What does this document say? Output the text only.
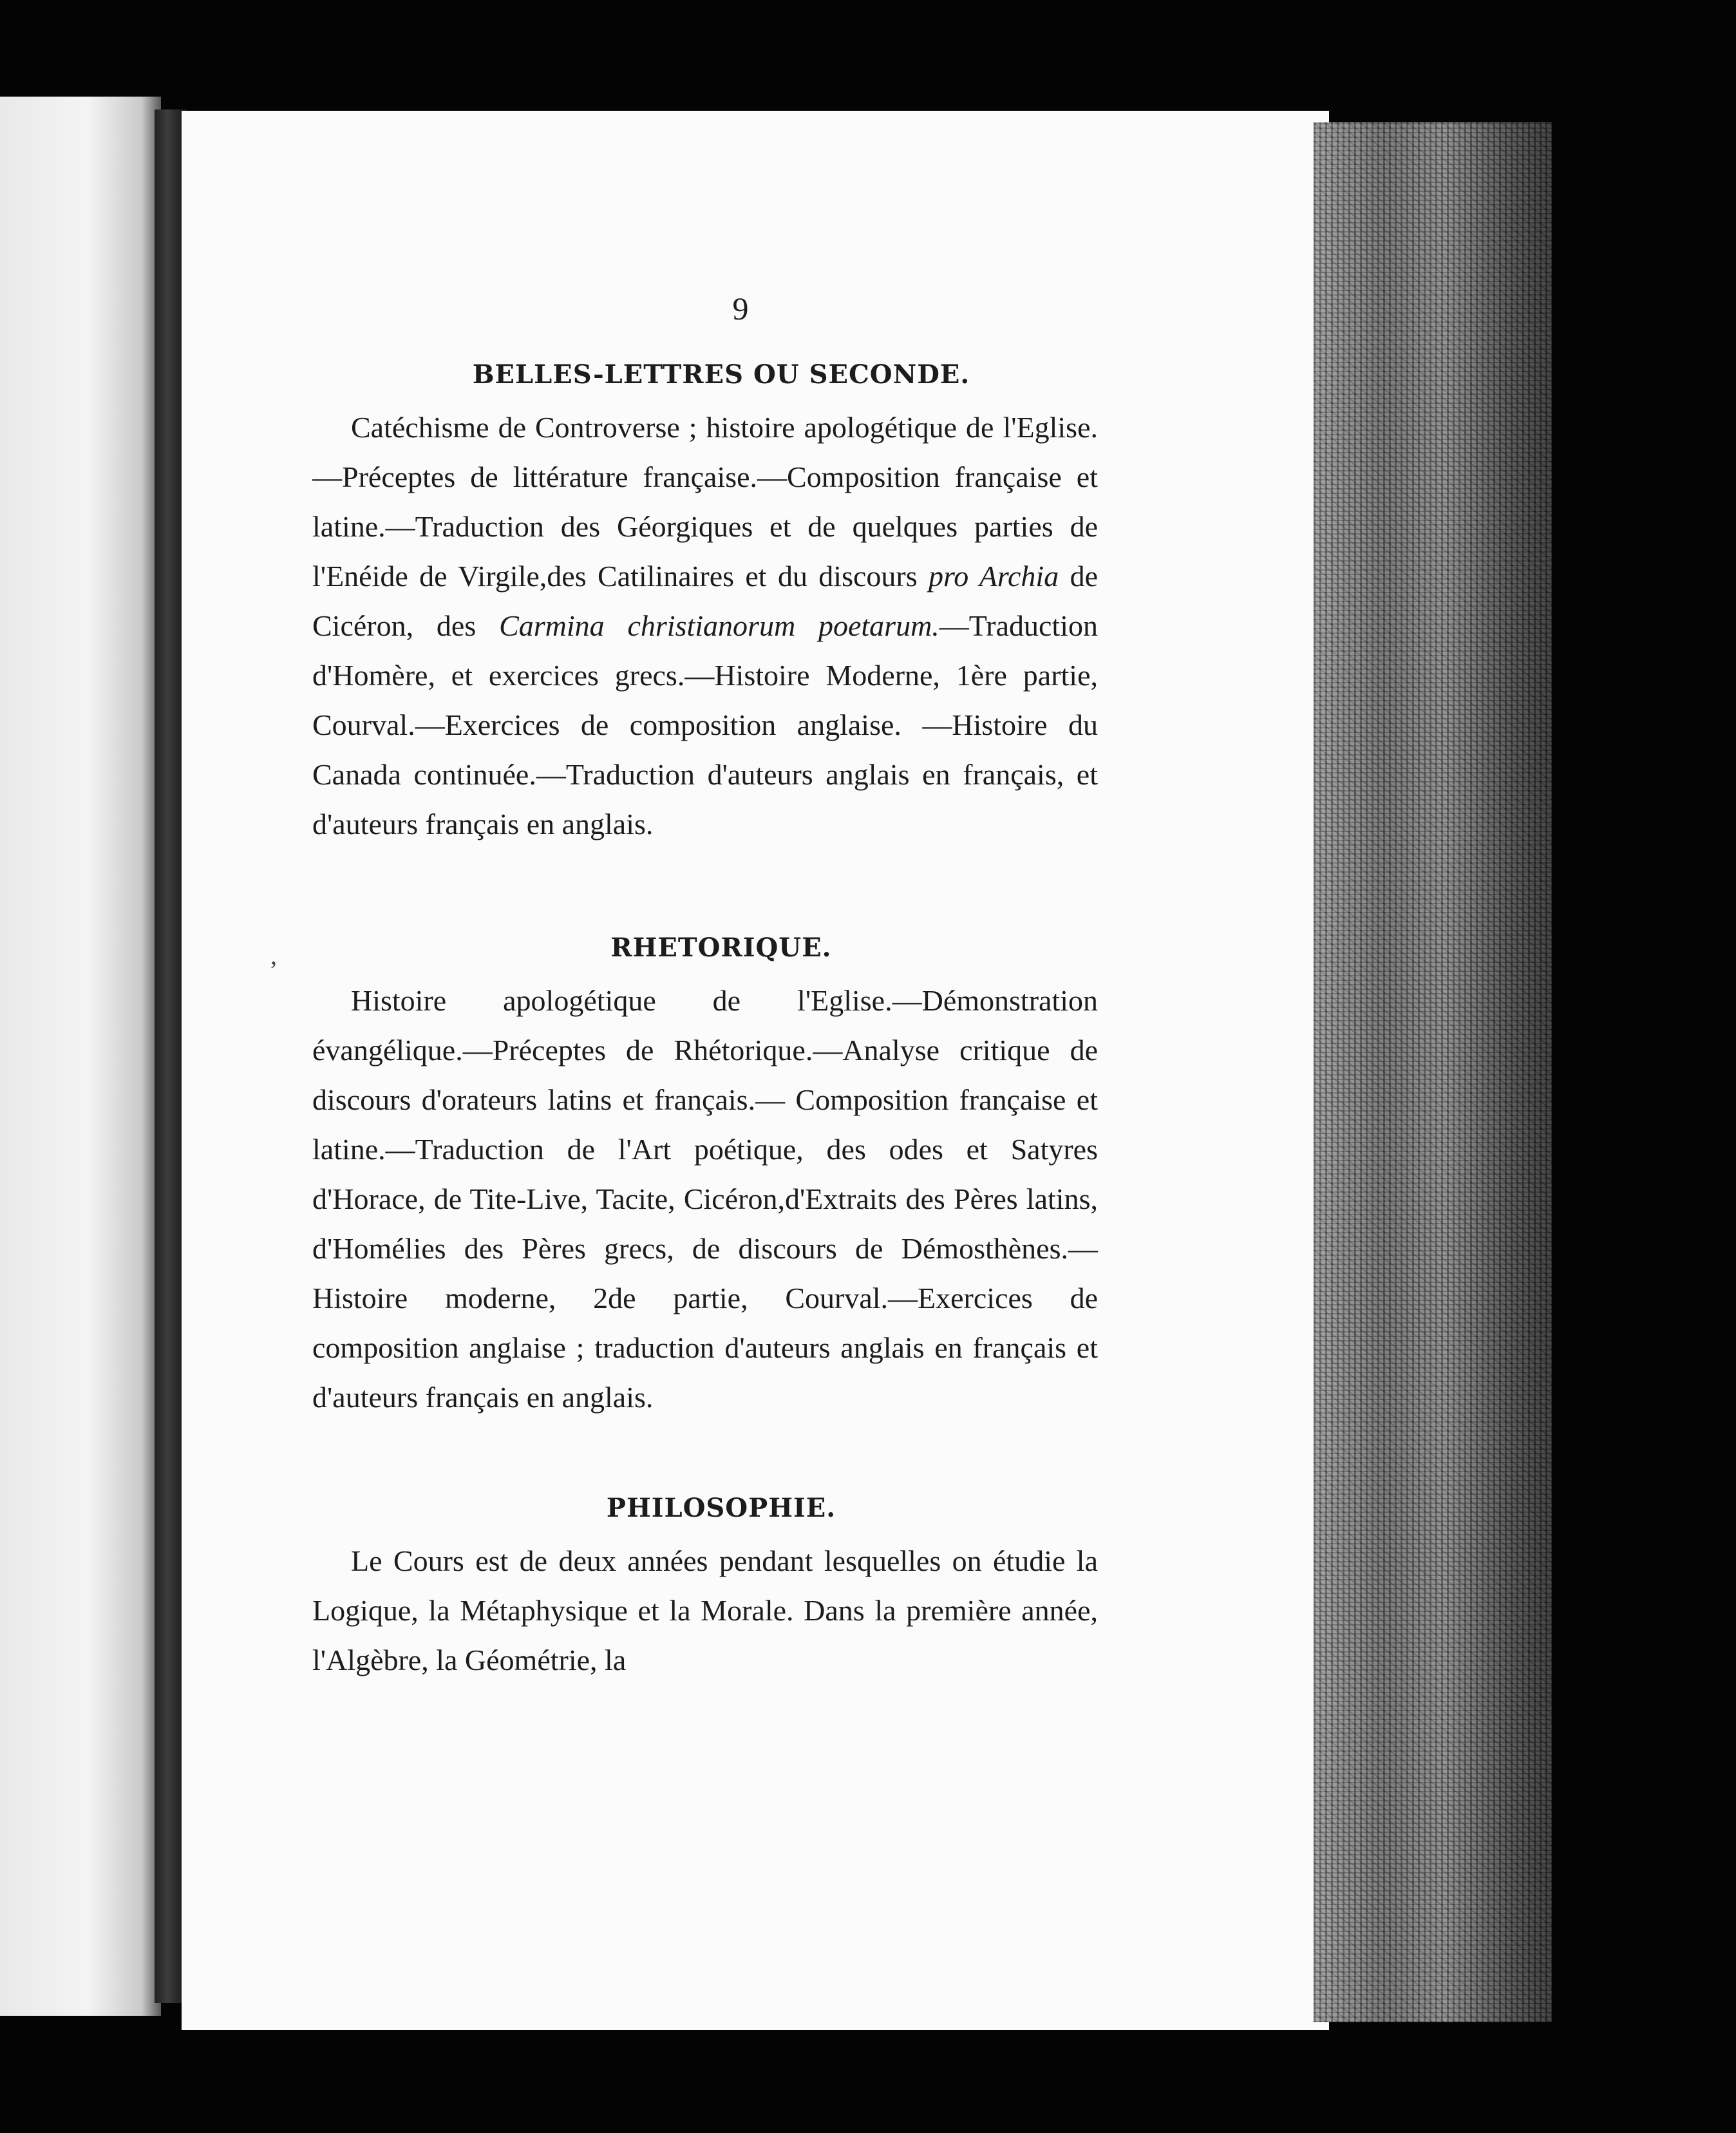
,
9
BELLES-LETTRES OU SECONDE.

Catéchisme de Controverse ; histoire apologétique de l'Eglise.—Préceptes de littérature française.—Composition française et latine.—Traduction des Géorgiques et de quelques parties de l'Enéide de Virgile,des Catilinaires et du discours pro Archia de Cicéron, des Carmina christianorum poetarum.—Traduction d'Homère, et exercices grecs.—Histoire Moderne, 1ère partie, Courval.—Exercices de composition anglaise. —Histoire du Canada continuée.—Traduction d'auteurs anglais en français, et d'auteurs français en anglais.

RHETORIQUE.

Histoire apologétique de l'Eglise.—Démonstration évangélique.—Préceptes de Rhétorique.—Analyse critique de discours d'orateurs latins et français.— Composition française et latine.—Traduction de l'Art poétique, des odes et Satyres d'Horace, de Tite-Live, Tacite, Cicéron,d'Extraits des Pères latins, d'Homélies des Pères grecs, de discours de Démosthènes.— Histoire moderne, 2de partie, Courval.—Exercices de composition anglaise ; traduction d'auteurs anglais en français et d'auteurs français en anglais.

PHILOSOPHIE.

Le Cours est de deux années pendant lesquelles on étudie la Logique, la Métaphysique et la Morale. Dans la première année, l'Algèbre, la Géométrie, la
